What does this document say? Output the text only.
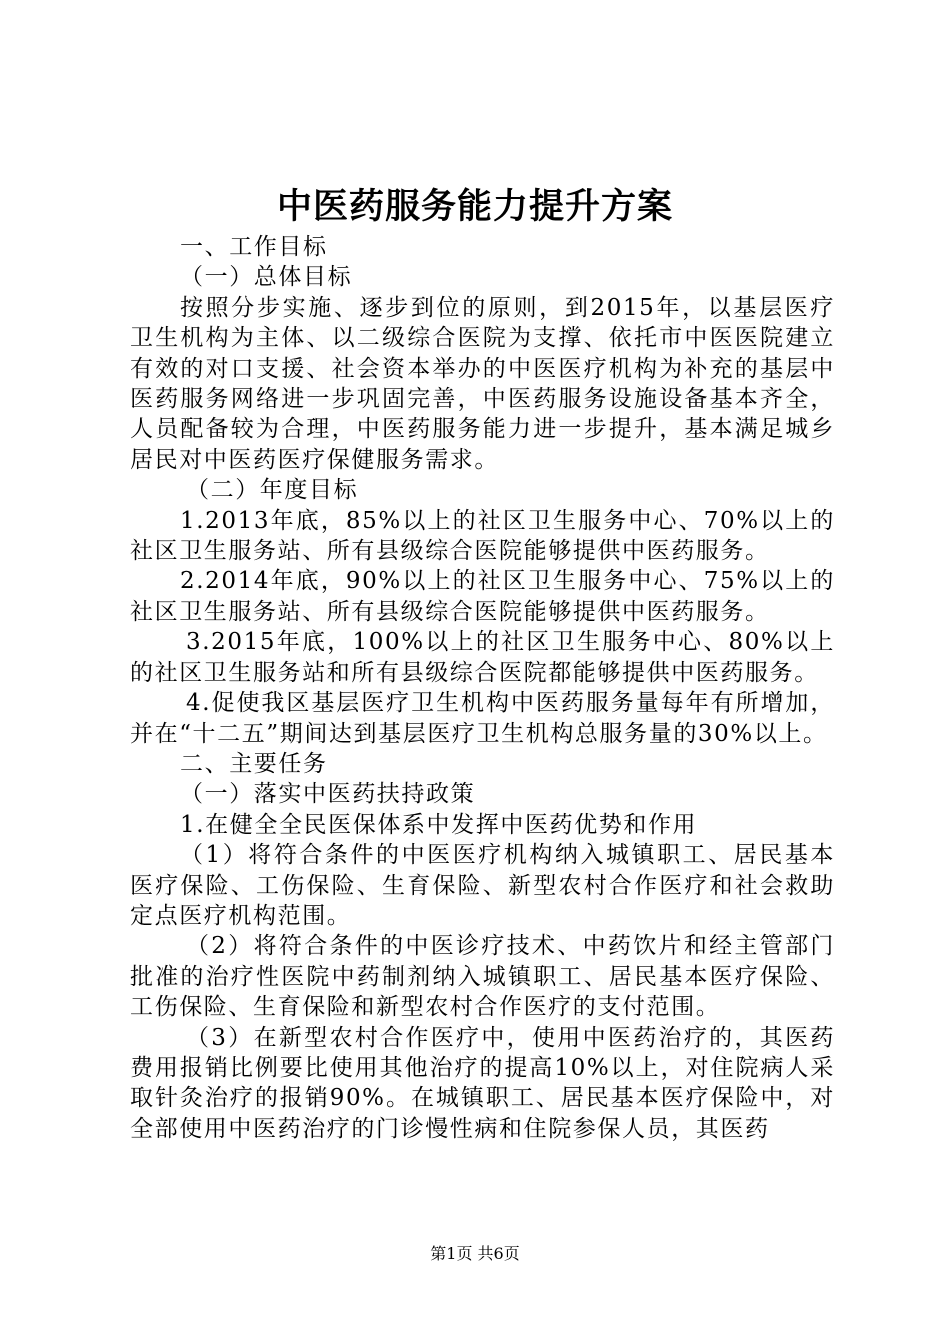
中医药服务能力提升方案

一、工作目标

（一）总体目标

按照分步实施、逐步到位的原则，到2015年，以基层医疗卫生机构为主体、以二级综合医院为支撑、依托市中医医院建立有效的对口支援、社会资本举办的中医医疗机构为补充的基层中医药服务网络进一步巩固完善，中医药服务设施设备基本齐全，人员配备较为合理，中医药服务能力进一步提升，基本满足城乡居民对中医药医疗保健服务需求。

（二）年度目标

1.2013年底，85%以上的社区卫生服务中心、70%以上的社区卫生服务站、所有县级综合医院能够提供中医药服务。

2.2014年底，90%以上的社区卫生服务中心、75%以上的社区卫生服务站、所有县级综合医院能够提供中医药服务。

3.2015年底，100%以上的社区卫生服务中心、80%以上的社区卫生服务站和所有县级综合医院都能够提供中医药服务。

4.促使我区基层医疗卫生机构中医药服务量每年有所增加，并在“十二五”期间达到基层医疗卫生机构总服务量的30%以上。

二、主要任务

（一）落实中医药扶持政策

1.在健全全民医保体系中发挥中医药优势和作用

（1）将符合条件的中医医疗机构纳入城镇职工、居民基本医疗保险、工伤保险、生育保险、新型农村合作医疗和社会救助定点医疗机构范围。

（2）将符合条件的中医诊疗技术、中药饮片和经主管部门批准的治疗性医院中药制剂纳入城镇职工、居民基本医疗保险、工伤保险、生育保险和新型农村合作医疗的支付范围。

（3）在新型农村合作医疗中，使用中医药治疗的，其医药费用报销比例要比使用其他治疗的提高10%以上，对住院病人采取针灸治疗的报销90%。在城镇职工、居民基本医疗保险中，对全部使用中医药治疗的门诊慢性病和住院参保人员，其医药

第1页 共6页
